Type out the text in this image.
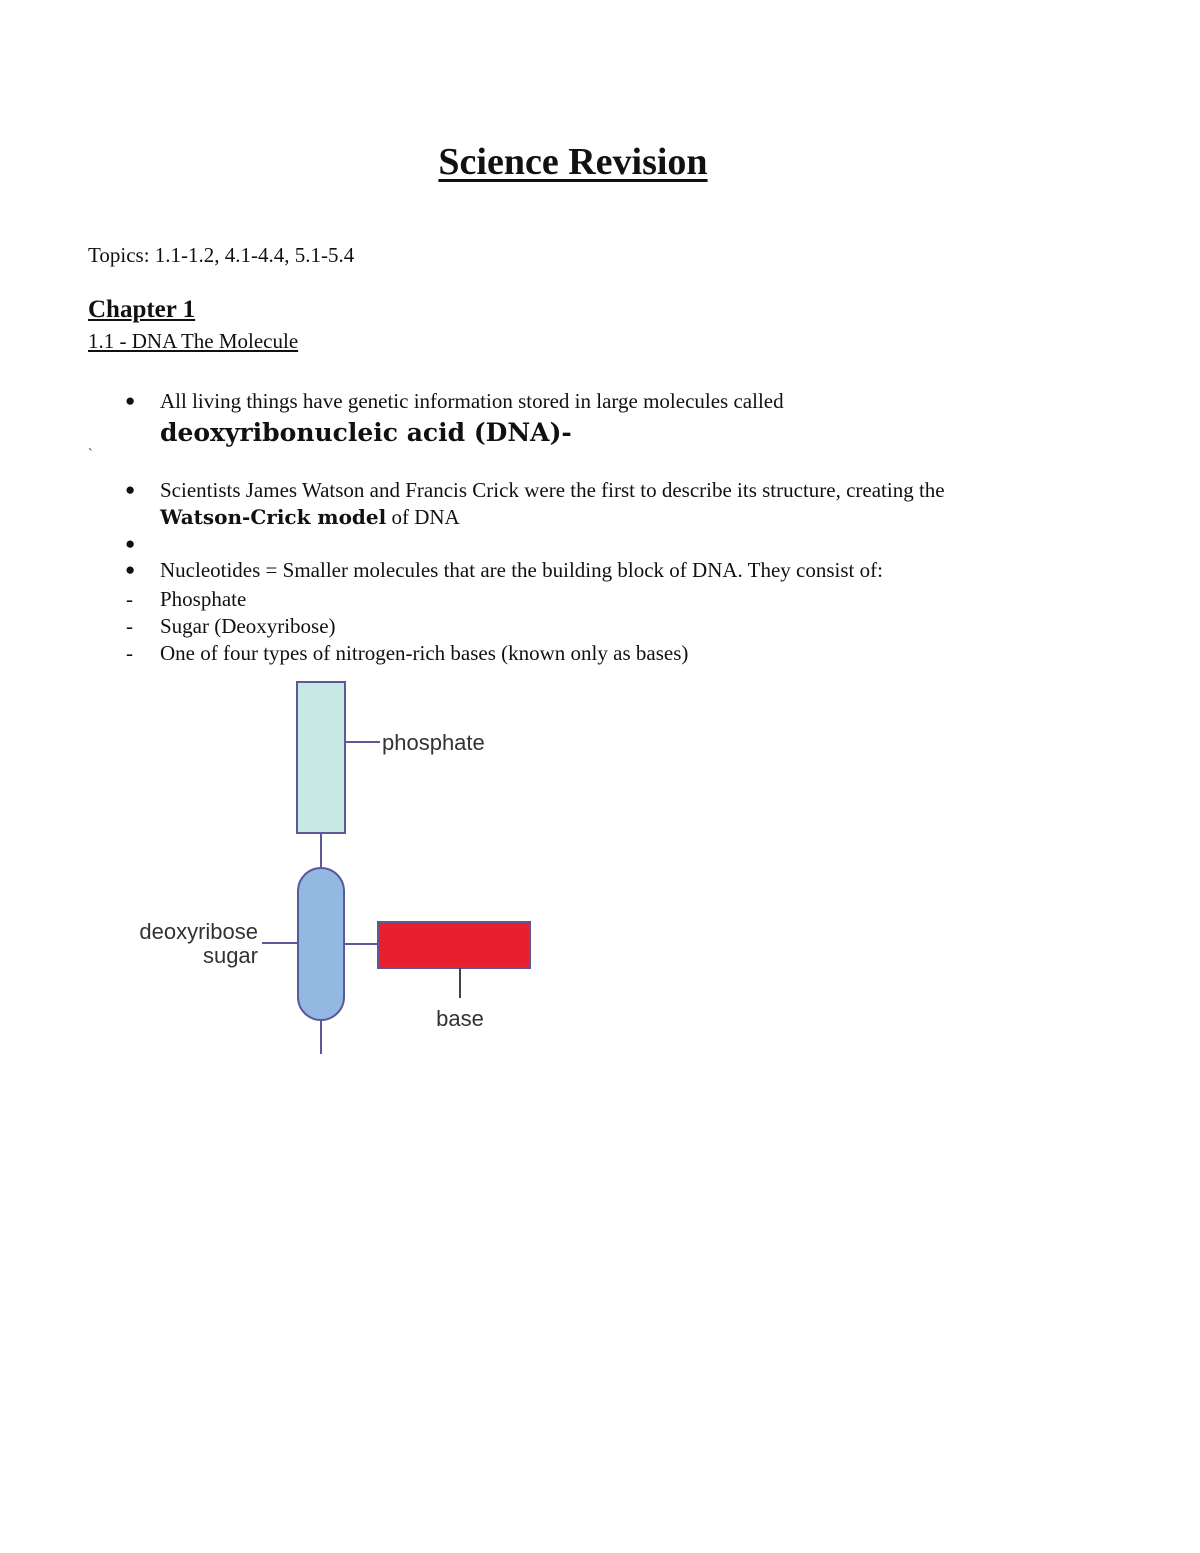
Science Revision
Topics: 1.1-1.2, 4.1-4.4, 5.1-5.4
Chapter 1
1.1 - DNA The Molecule
● All living things have genetic information stored in large molecules called
deoxyribonucleic acid (DNA)-
`
● Scientists James Watson and Francis Crick were the first to describe its structure, creating the
Watson-Crick model of DNA
●
● Nucleotides = Smaller molecules that are the building block of DNA. They consist of:
- Phosphate
- Sugar (Deoxyribose)
- One of four types of nitrogen-rich bases (known only as bases)
phosphate
deoxyribose
sugar
base
